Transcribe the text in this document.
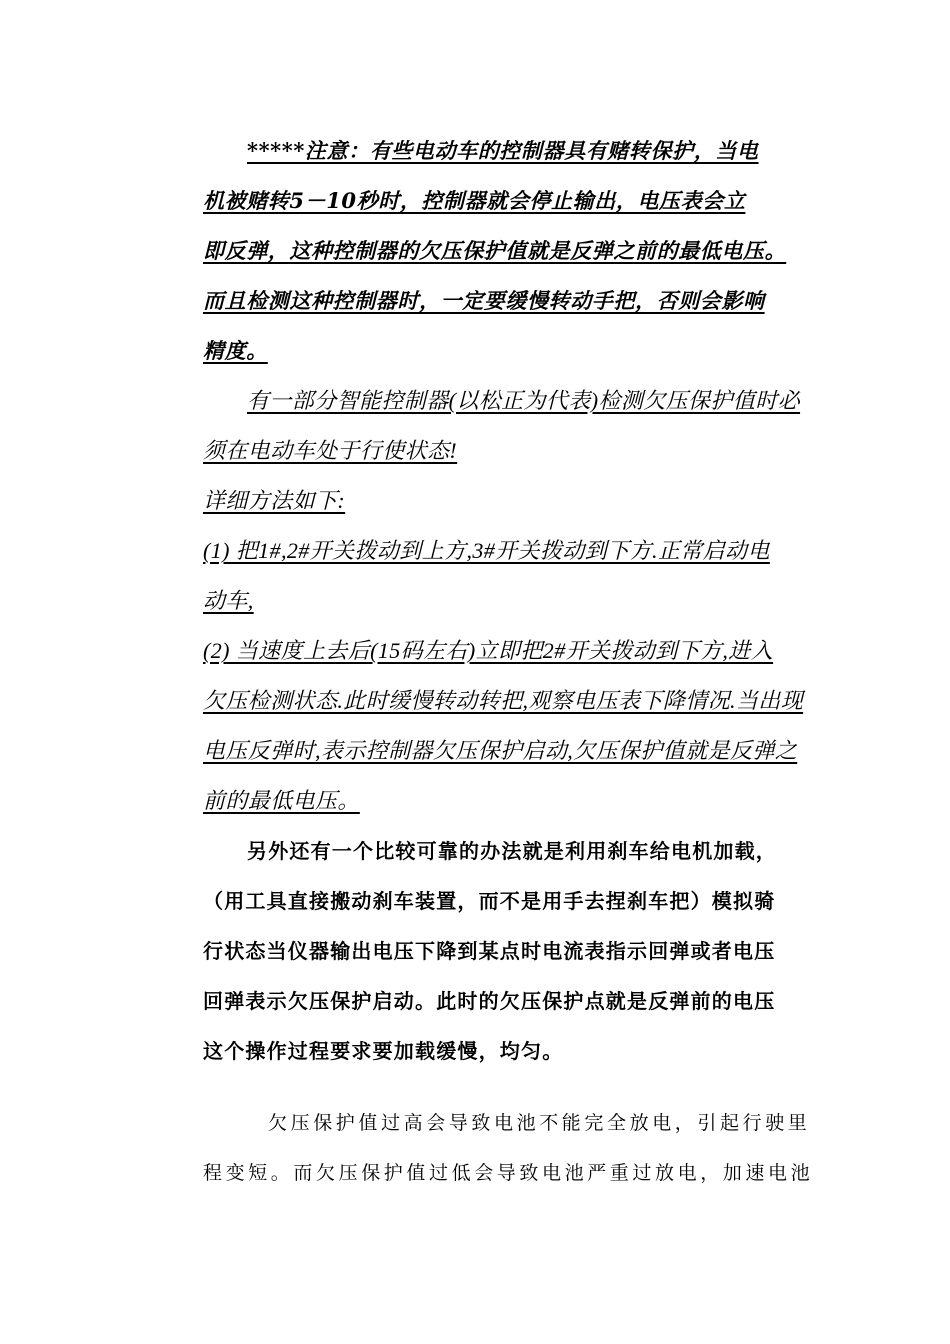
*****注意：有些电动车的控制器具有赌转保护，当电
机被赌转5－10秒时，控制器就会停止输出，电压表会立
即反弹，这种控制器的欠压保护值就是反弹之前的最低电压。
而且检测这种控制器时，一定要缓慢转动手把，否则会影响
精度。
有一部分智能控制器(以松正为代表)检测欠压保护值时必
须在电动车处于行使状态!
详细方法如下:
(1) 把1#,2#开关拨动到上方,3#开关拨动到下方.正常启动电
动车,
(2) 当速度上去后(15码左右)立即把2#开关拨动到下方,进入
欠压检测状态.此时缓慢转动转把,观察电压表下降情况.当出现
电压反弹时,表示控制器欠压保护启动,欠压保护值就是反弹之
前的最低电压。
另外还有一个比较可靠的办法就是利用刹车给电机加载，
（用工具直接搬动刹车装置，而不是用手去捏刹车把）模拟骑
行状态当仪器输出电压下降到某点时电流表指示回弹或者电压
回弹表示欠压保护启动。此时的欠压保护点就是反弹前的电压
这个操作过程要求要加载缓慢，均匀。
欠压保护值过高会导致电池不能完全放电，引起行驶里
程变短。而欠压保护值过低会导致电池严重过放电，加速电池
